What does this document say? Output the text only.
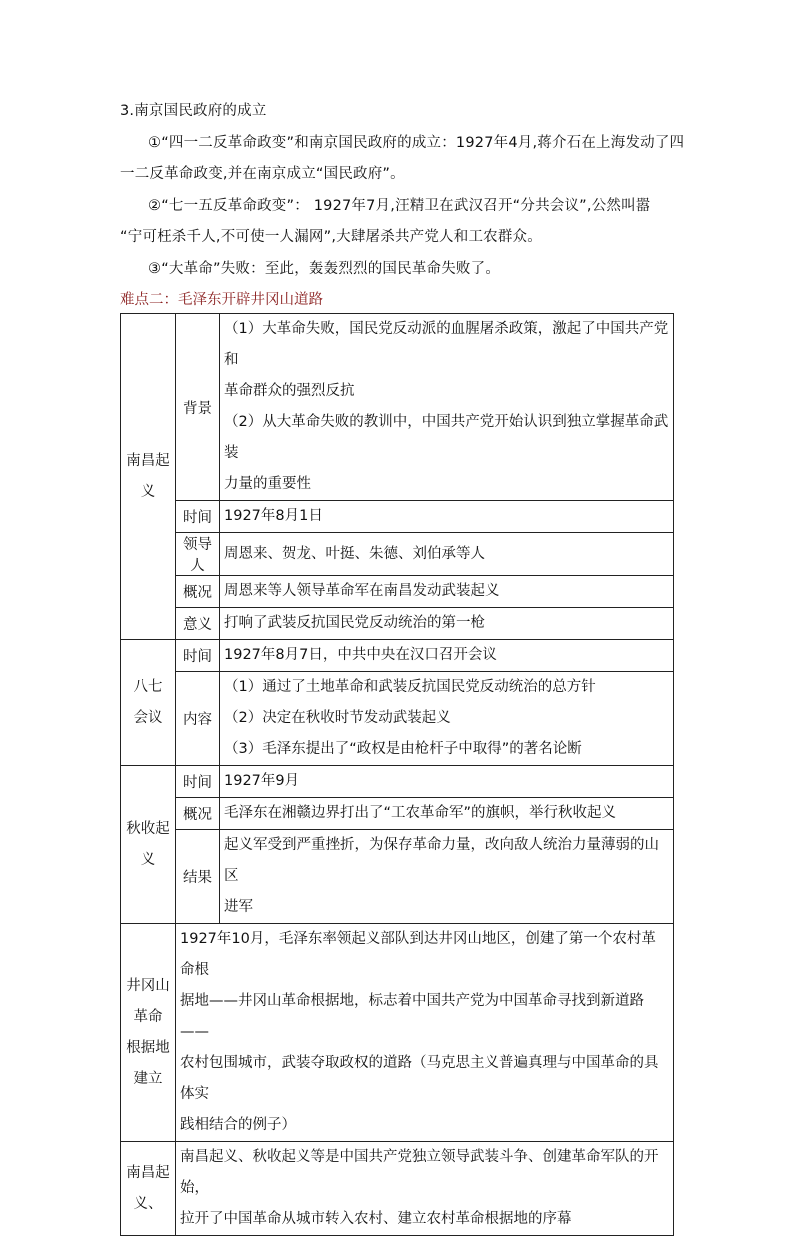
3.南京国民政府的成立
①“四一二反革命政变”和南京国民政府的成立：1927年4月,蒋介石在上海发动了四
一二反革命政变,并在南京成立“国民政府”。
②“七一五反革命政变”： 1927年7月,汪精卫在武汉召开“分共会议”,公然叫嚣
“宁可枉杀千人,不可使一人漏网”,大肆屠杀共产党人和工农群众。
③“大革命”失败：至此，轰轰烈烈的国民革命失败了。
难点二：毛泽东开辟井冈山道路
南昌起
义	背景	（1）大革命失败，国民党反动派的血腥屠杀政策，激起了中国共产党和
革命群众的强烈反抗
（2）从大革命失败的教训中，中国共产党开始认识到独立掌握革命武装
力量的重要性

	时间	1927年8月1日
	领导人	周恩来、贺龙、叶挺、朱德、刘伯承等人
	概况	周恩来等人领导革命军在南昌发动武装起义
	意义	打响了武装反抗国民党反动统治的第一枪

八七
会议	时间	1927年8月7日，中共中央在汉口召开会议
	内容	（1）通过了土地革命和武装反抗国民党反动统治的总方针
（2）决定在秋收时节发动武装起义
（3）毛泽东提出了“政权是由枪杆子中取得”的著名论断

秋收起
义	时间	1927年9月
	概况	毛泽东在湘赣边界打出了“工农革命军”的旗帜，举行秋收起义
	结果	起义军受到严重挫折，为保存革命力量，改向敌人统治力量薄弱的山区
进军

井冈山
革命
根据地
建立	1927年10月，毛泽东率领起义部队到达井冈山地区，创建了第一个农村革命根
据地——井冈山革命根据地，标志着中国共产党为中国革命寻找到新道路——
农村包围城市，武装夺取政权的道路（马克思主义普遍真理与中国革命的具体实
践相结合的例子）	

南昌起
义、	南昌起义、秋收起义等是中国共产党独立领导武装斗争、创建革命军队的开始，
拉开了中国革命从城市转入农村、建立农村革命根据地的序幕	
